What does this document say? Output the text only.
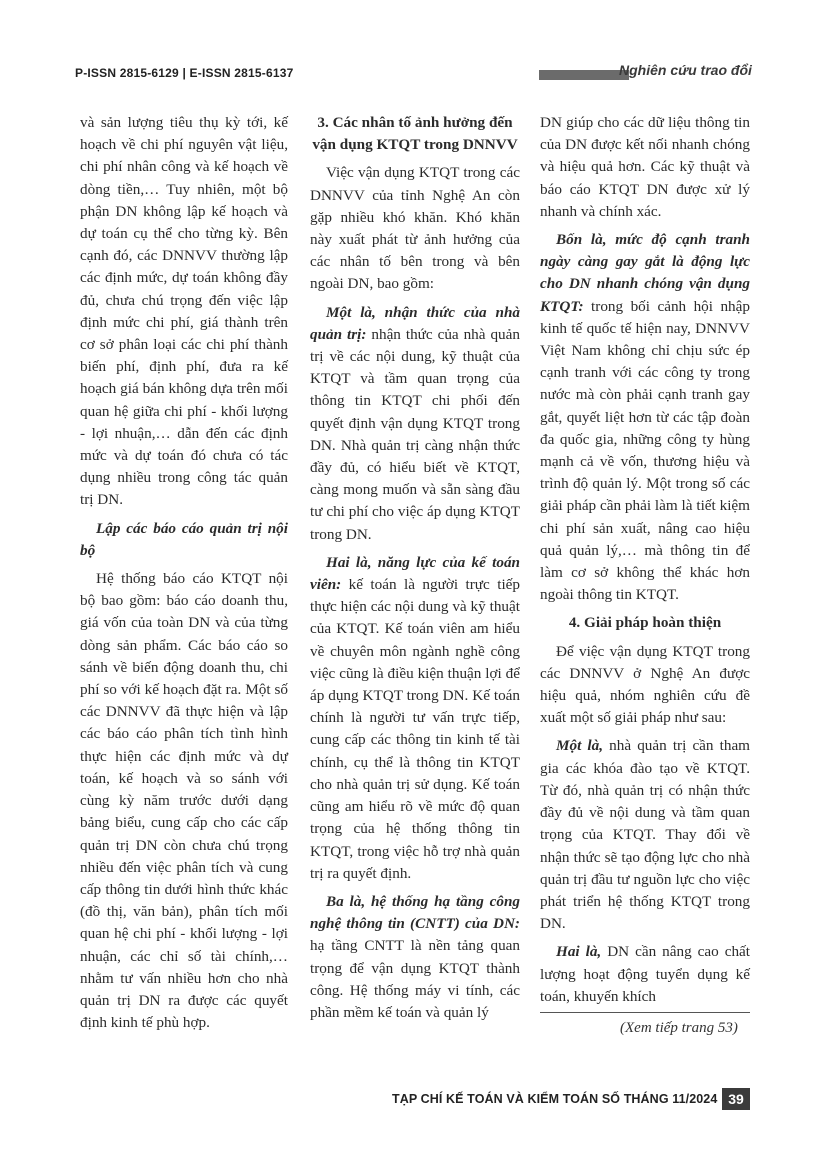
P-ISSN 2815-6129 | E-ISSN 2815-6137	Nghiên cứu trao đổi

và sản lượng tiêu thụ kỳ tới, kế hoạch về chi phí nguyên vật liệu, chi phí nhân công và kế hoạch về dòng tiền,… Tuy nhiên, một bộ phận DN không lập kế hoạch và dự toán cụ thể cho từng kỳ. Bên cạnh đó, các DNNVV thường lập các định mức, dự toán không đầy đủ, chưa chú trọng đến việc lập định mức chi phí, giá thành trên cơ sở phân loại các chi phí thành biến phí, định phí, đưa ra kế hoạch giá bán không dựa trên mối quan hệ giữa chi phí - khối lượng - lợi nhuận,… dẫn đến các định mức và dự toán đó chưa có tác dụng nhiều trong công tác quản trị DN.

Lập các báo cáo quản trị nội bộ

Hệ thống báo cáo KTQT nội bộ bao gồm: báo cáo doanh thu, giá vốn của toàn DN và của từng dòng sản phẩm. Các báo cáo so sánh về biến động doanh thu, chi phí so với kế hoạch đặt ra. Một số các DNNVV đã thực hiện và lập các báo cáo phân tích tình hình thực hiện các định mức và dự toán, kế hoạch và so sánh với cùng kỳ năm trước dưới dạng bảng biểu, cung cấp cho các cấp quản trị DN còn chưa chú trọng nhiều đến việc phân tích và cung cấp thông tin dưới hình thức khác (đồ thị, văn bản), phân tích mối quan hệ chi phí - khối lượng - lợi nhuận, các chỉ số tài chính,… nhằm tư vấn nhiều hơn cho nhà quản trị DN ra được các quyết định kinh tế phù hợp.

3. Các nhân tố ảnh hưởng đến vận dụng KTQT trong DNNVV

Việc vận dụng KTQT trong các DNNVV của tỉnh Nghệ An còn gặp nhiều khó khăn. Khó khăn này xuất phát từ ảnh hưởng của các nhân tố bên trong và bên ngoài DN, bao gồm:

Một là, nhận thức của nhà quản trị: nhận thức của nhà quản trị về các nội dung, kỹ thuật của KTQT và tầm quan trọng của thông tin KTQT chi phối đến quyết định vận dụng KTQT trong DN. Nhà quản trị càng nhận thức đầy đủ, có hiểu biết về KTQT, càng mong muốn và sẵn sàng đầu tư chi phí cho việc áp dụng KTQT trong DN.

Hai là, năng lực của kế toán viên: kế toán là người trực tiếp thực hiện các nội dung và kỹ thuật của KTQT. Kế toán viên am hiểu về chuyên môn ngành nghề công việc cũng là điều kiện thuận lợi để áp dụng KTQT trong DN. Kế toán chính là người tư vấn trực tiếp, cung cấp các thông tin kinh tế tài chính, cụ thể là thông tin KTQT cho nhà quản trị sử dụng. Kế toán cũng am hiểu rõ về mức độ quan trọng của hệ thống thông tin KTQT, trong việc hỗ trợ nhà quản trị ra quyết định.

Ba là, hệ thống hạ tầng công nghệ thông tin (CNTT) của DN: hạ tầng CNTT là nền tảng quan trọng để vận dụng KTQT thành công. Hệ thống máy vi tính, các phần mềm kế toán và quản lý

DN giúp cho các dữ liệu thông tin của DN được kết nối nhanh chóng và hiệu quả hơn. Các kỹ thuật và báo cáo KTQT DN được xử lý nhanh và chính xác.

Bốn là, mức độ cạnh tranh ngày càng gay gắt là động lực cho DN nhanh chóng vận dụng KTQT: trong bối cảnh hội nhập kinh tế quốc tế hiện nay, DNNVV Việt Nam không chỉ chịu sức ép cạnh tranh với các công ty trong nước mà còn phải cạnh tranh gay gắt, quyết liệt hơn từ các tập đoàn đa quốc gia, những công ty hùng mạnh cả về vốn, thương hiệu và trình độ quản lý. Một trong số các giải pháp cần phải làm là tiết kiệm chi phí sản xuất, nâng cao hiệu quả quản lý,… mà thông tin để làm cơ sở không thể khác hơn ngoài thông tin KTQT.

4. Giải pháp hoàn thiện

Để việc vận dụng KTQT trong các DNNVV ở Nghệ An được hiệu quả, nhóm nghiên cứu đề xuất một số giải pháp như sau:

Một là, nhà quản trị cần tham gia các khóa đào tạo về KTQT. Từ đó, nhà quản trị có nhận thức đầy đủ về nội dung và tầm quan trọng của KTQT. Thay đổi về nhận thức sẽ tạo động lực cho nhà quản trị đầu tư nguồn lực cho việc phát triển hệ thống KTQT trong DN.

Hai là, DN cần nâng cao chất lượng hoạt động tuyển dụng kế toán, khuyến khích

(Xem tiếp trang 53)
TẠP CHÍ KẾ TOÁN VÀ KIỂM TOÁN SỐ THÁNG 11/2024 39
